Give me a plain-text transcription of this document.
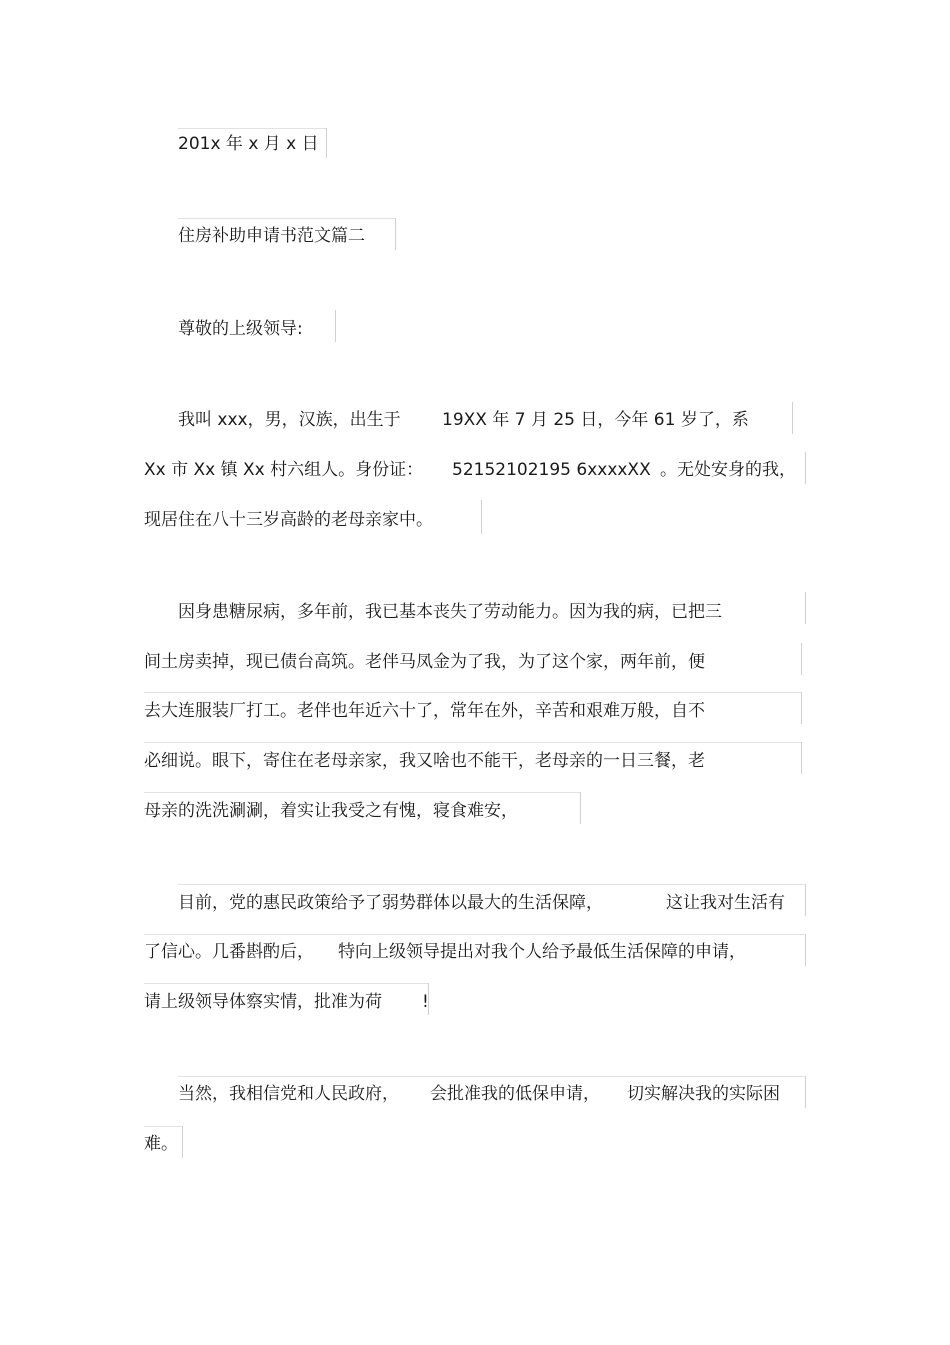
201x 年 x 月 x 日
住房补助申请书范文篇二
尊敬的上级领导:
我叫 xxx，男，汉族，出生于 19XX 年 7 月 25 日，今年 61 岁了，系
Xx 市 Xx 镇 Xx 村六组人。身份证： 52152102195 6xxxxXX 。无处安身的我，
现居住在八十三岁高龄的老母亲家中。
因身患糖尿病，多年前，我已基本丧失了劳动能力。因为我的病，已把三
间土房卖掉，现已债台高筑。老伴马凤金为了我，为了这个家，两年前，便
去大连服装厂打工。老伴也年近六十了，常年在外，辛苦和艰难万般，自不
必细说。眼下，寄住在老母亲家，我又啥也不能干，老母亲的一日三餐，老
母亲的洗洗涮涮，着实让我受之有愧，寝食难安，
目前，党的惠民政策给予了弱势群体以最大的生活保障，	这让我对生活有
了信心。几番斟酌后， 特向上级领导提出对我个人给予最低生活保障的申请，
请上级领导体察实情，批准为荷 !
当然，我相信党和人民政府， 会批准我的低保申请， 切实解决我的实际困
难。
